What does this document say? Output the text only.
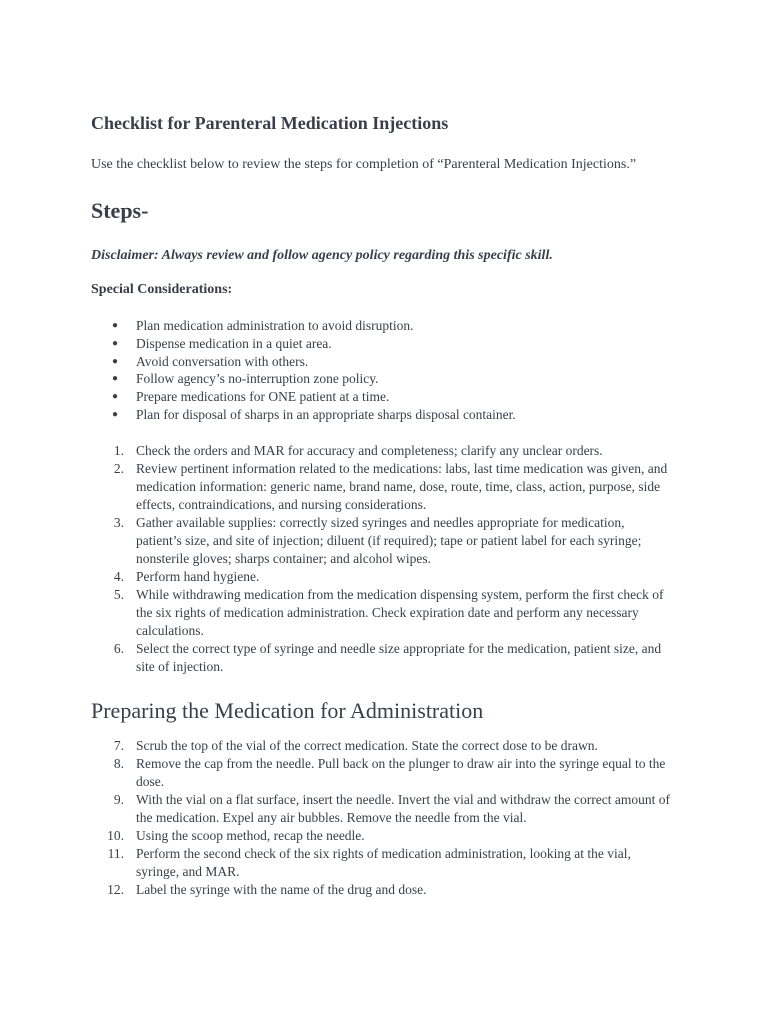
Checklist for Parenteral Medication Injections

Use the checklist below to review the steps for completion of “Parenteral Medication Injections.”

Steps-

Disclaimer: Always review and follow agency policy regarding this specific skill.

Special Considerations:

● Plan medication administration to avoid disruption.
● Dispense medication in a quiet area.
● Avoid conversation with others.
● Follow agency’s no-interruption zone policy.
● Prepare medications for ONE patient at a time.
● Plan for disposal of sharps in an appropriate sharps disposal container.
1. Check the orders and MAR for accuracy and completeness; clarify any unclear orders.
2. Review pertinent information related to the medications: labs, last time medication was given, and medication information: generic name, brand name, dose, route, time, class, action, purpose, side effects, contraindications, and nursing considerations.
3. Gather available supplies: correctly sized syringes and needles appropriate for medication, patient’s size, and site of injection; diluent (if required); tape or patient label for each syringe; nonsterile gloves; sharps container; and alcohol wipes.
4. Perform hand hygiene.
5. While withdrawing medication from the medication dispensing system, perform the first check of the six rights of medication administration. Check expiration date and perform any necessary calculations.
6. Select the correct type of syringe and needle size appropriate for the medication, patient size, and site of injection.
Preparing the Medication for Administration
7. Scrub the top of the vial of the correct medication. State the correct dose to be drawn.
8. Remove the cap from the needle. Pull back on the plunger to draw air into the syringe equal to the dose.
9. With the vial on a flat surface, insert the needle. Invert the vial and withdraw the correct amount of the medication. Expel any air bubbles. Remove the needle from the vial.
10. Using the scoop method, recap the needle.
11. Perform the second check of the six rights of medication administration, looking at the vial, syringe, and MAR.
12. Label the syringe with the name of the drug and dose.
